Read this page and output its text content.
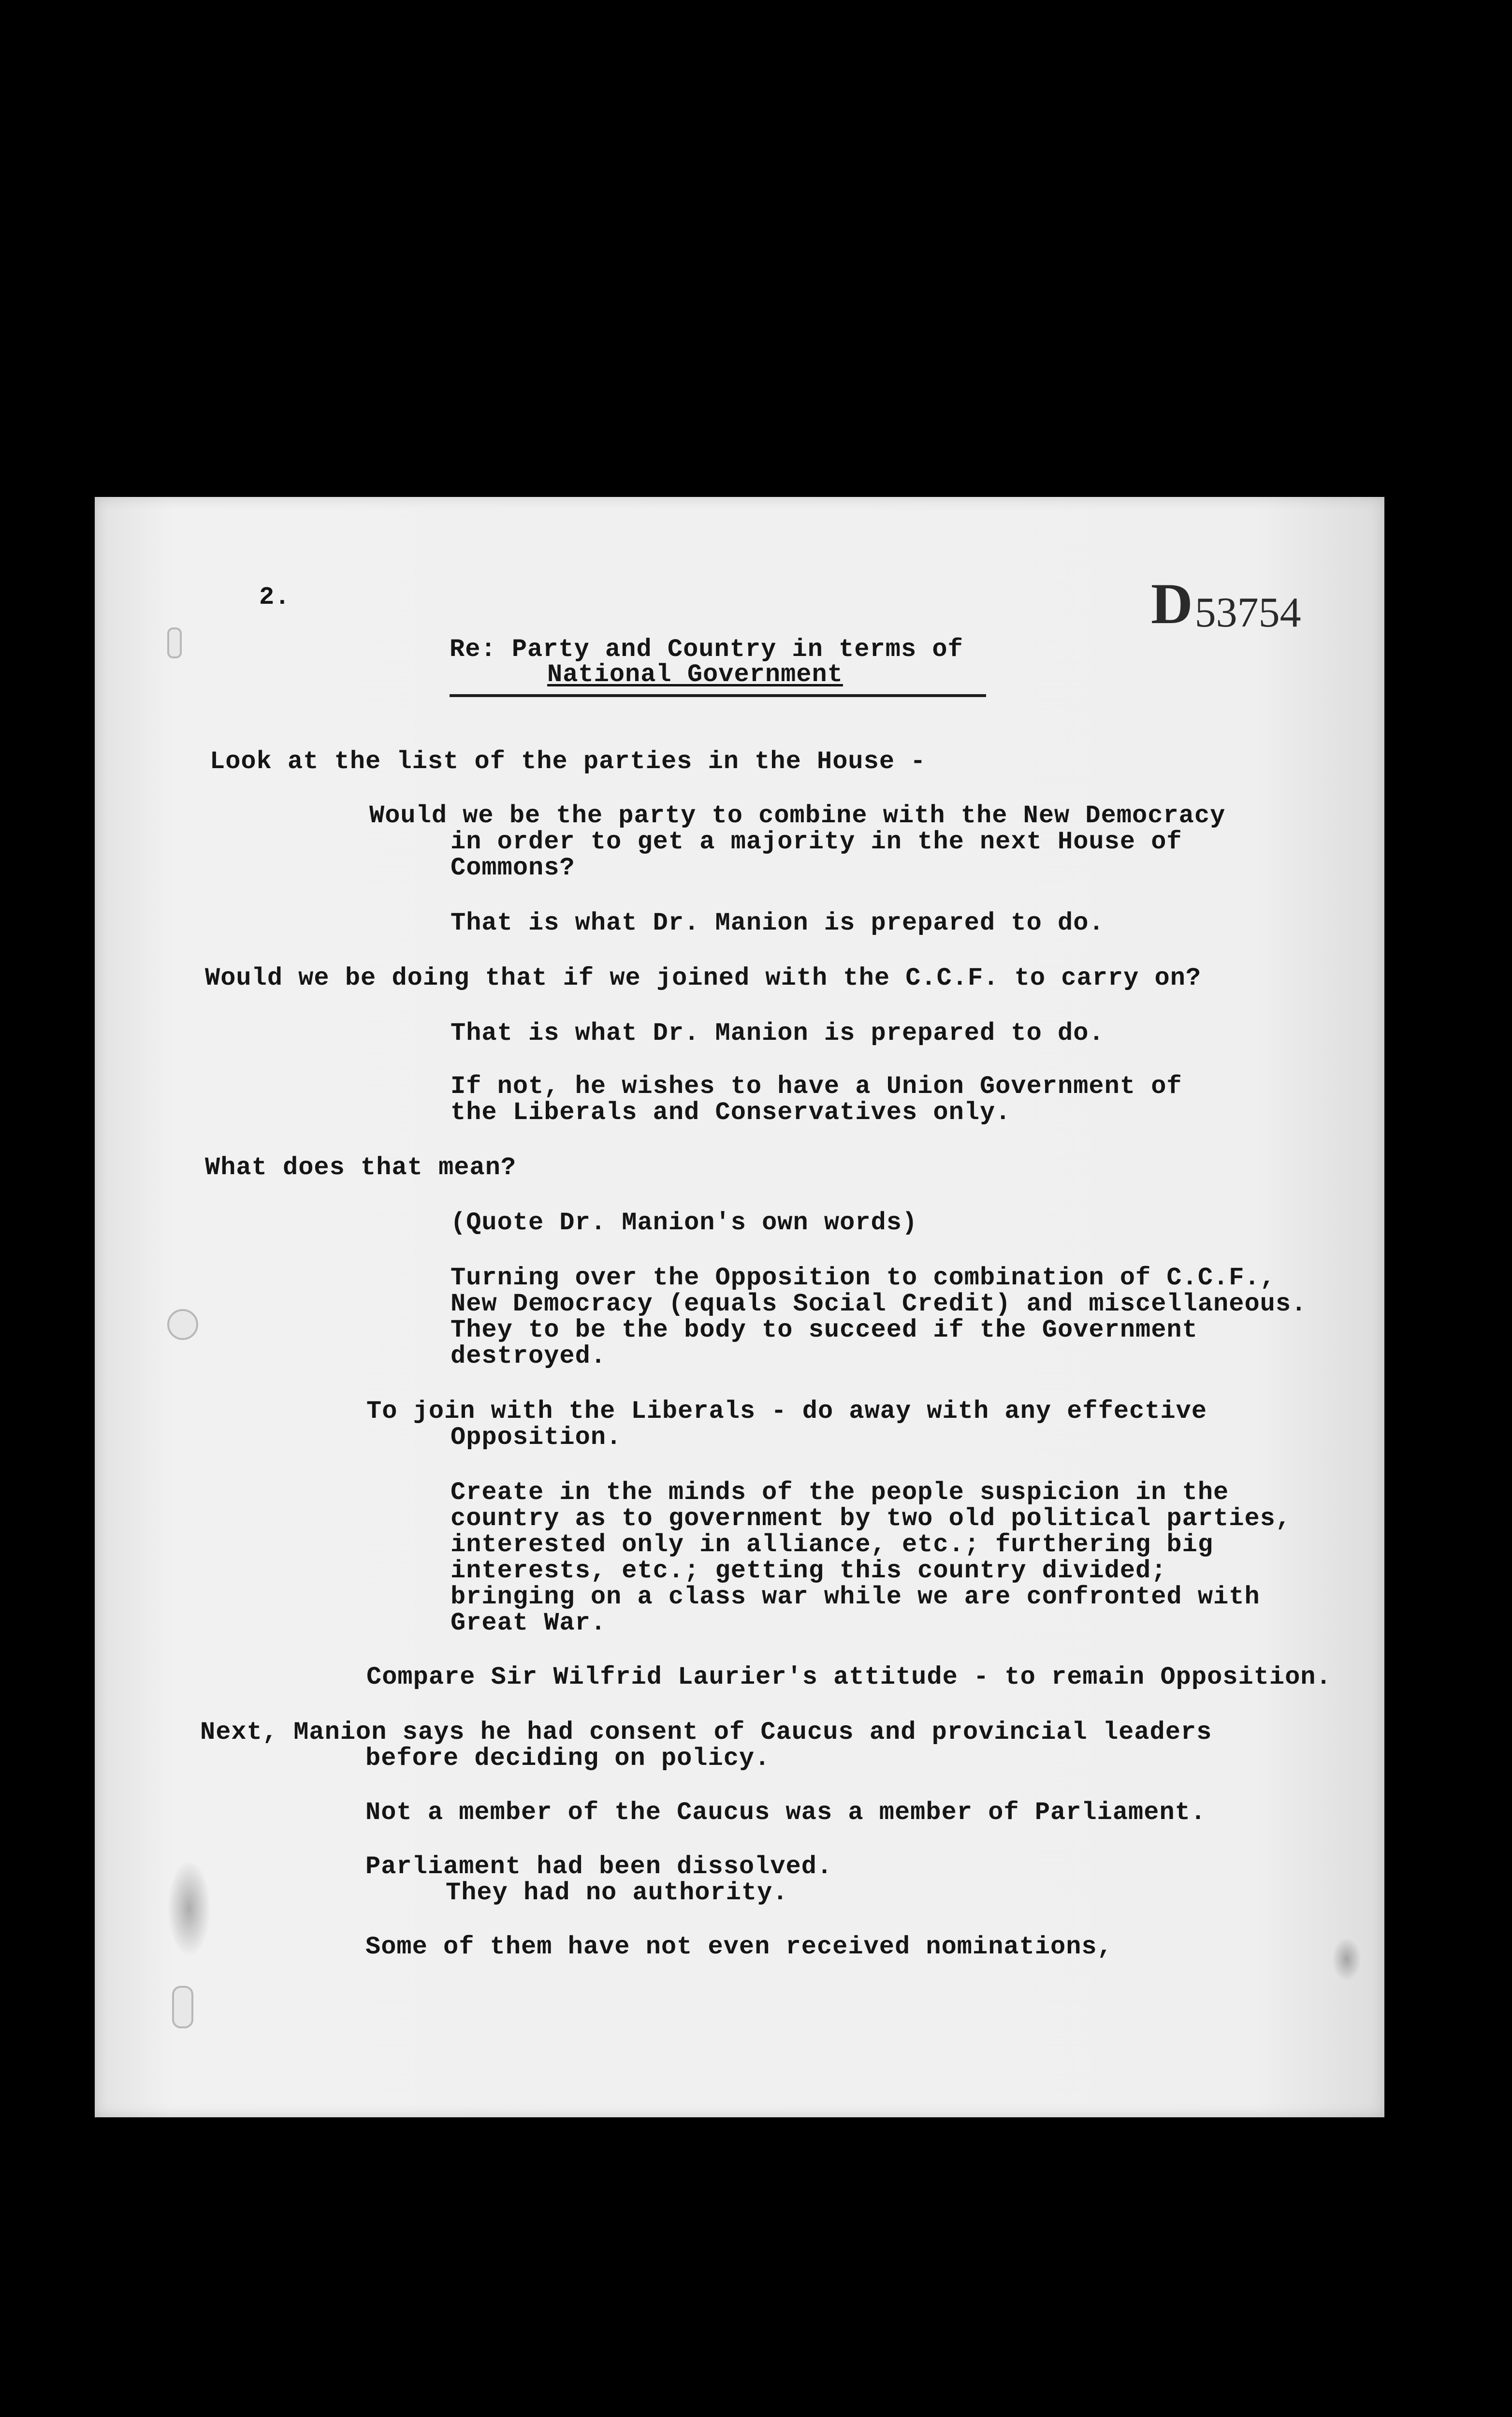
2.	D 53754
Re: Party and Country in terms of
National Government
Look at the list of the parties in the House -
Would we be the party to combine with the New Democracy
in order to get a majority in the next House of
Commons?
That is what Dr. Manion is prepared to do.
Would we be doing that if we joined with the C.C.F. to carry on?
That is what Dr. Manion is prepared to do.
If not, he wishes to have a Union Government of
the Liberals and Conservatives only.
What does that mean?
(Quote Dr. Manion's own words)
Turning over the Opposition to combination of C.C.F.,
New Democracy (equals Social Credit) and miscellaneous.
They to be the body to succeed if the Government
destroyed.
To join with the Liberals - do away with any effective
Opposition.
Create in the minds of the people suspicion in the
country as to government by two old political parties,
interested only in alliance, etc.; furthering big
interests, etc.; getting this country divided;
bringing on a class war while we are confronted with
Great War.
Compare Sir Wilfrid Laurier's attitude - to remain Opposition.
Next, Manion says he had consent of Caucus and provincial leaders
before deciding on policy.
Not a member of the Caucus was a member of Parliament.
Parliament had been dissolved.
They had no authority.
Some of them have not even received nominations,
